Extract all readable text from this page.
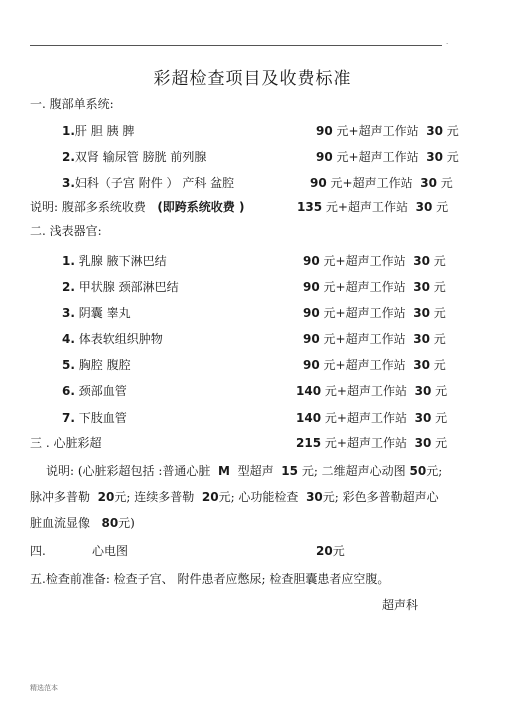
.
彩超检查项目及收费标准
一. 腹部单系统:
1.肝 胆 胰 脾	90 元+超声工作站 30 元
2.双肾 输尿管 膀胱 前列腺	90 元+超声工作站 30 元
3.妇科（子宫 附件 ） 产科 盆腔	90 元+超声工作站 30 元
说明: 腹部多系统收费 (即跨系统收费 )	135 元+超声工作站 30 元
二. 浅表器官:
1. 乳腺 腋下淋巴结	90 元+超声工作站 30 元
2. 甲状腺 颈部淋巴结	90 元+超声工作站 30 元
3. 阴囊 睾丸	90 元+超声工作站 30 元
4. 体表软组织肿物	90 元+超声工作站 30 元
5. 胸腔 腹腔	90 元+超声工作站 30 元
6. 颈部血管	140 元+超声工作站 30 元
7. 下肢血管	140 元+超声工作站 30 元
三 . 心脏彩超	215 元+超声工作站 30 元
说明: (心脏彩超包括 :普通心脏 M 型超声 15 元; 二维超声心动图 50元; 脉冲多普勒 20元; 连续多普勒 20元; 心功能检查 30元; 彩色多普勒超声心脏血流显像 80元)
四.	心电图	20元
五.检查前准备: 检查子宫、 附件患者应憋尿; 检查胆囊患者应空腹。
超声科
精选范本
